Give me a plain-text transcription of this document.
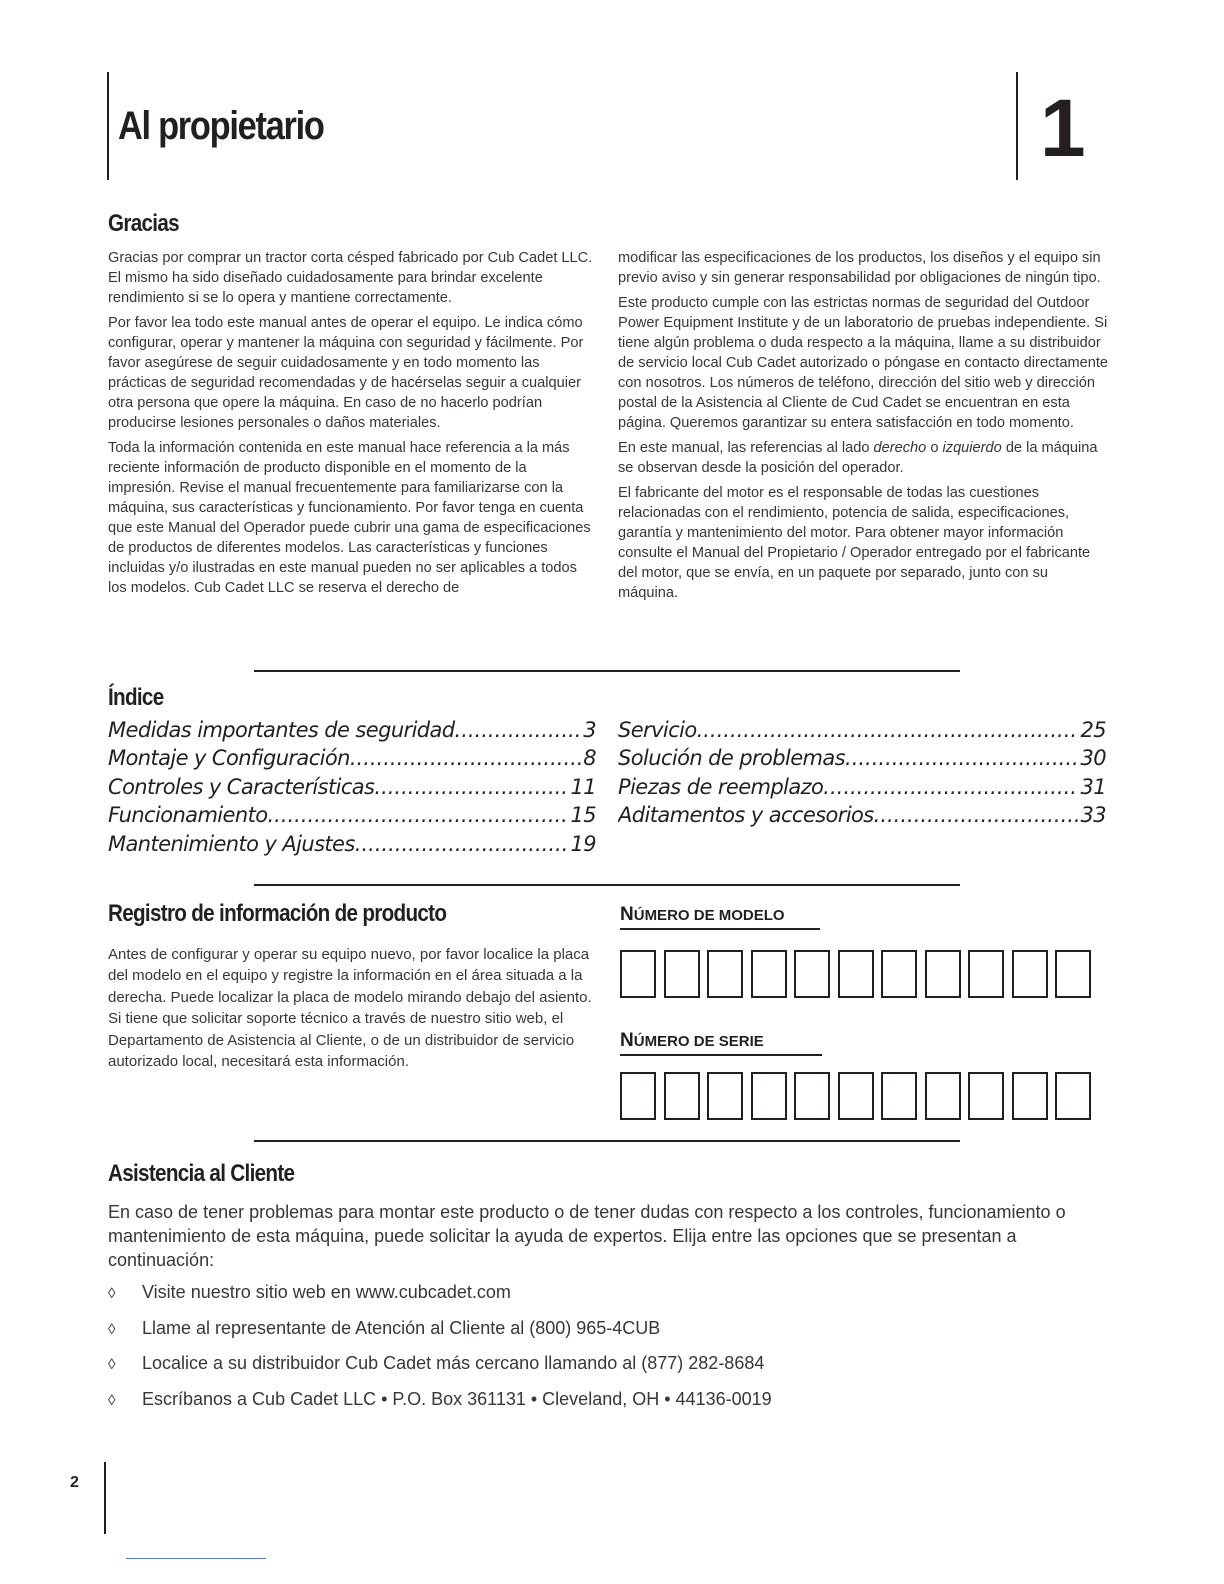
Al propietario	1
Gracias

Gracias por comprar un tractor corta césped fabricado por Cub Cadet LLC. El mismo ha sido diseñado cuidadosamente para brindar excelente rendimiento si se lo opera y mantiene correctamente.

Por favor lea todo este manual antes de operar el equipo. Le indica cómo configurar, operar y mantener la máquina con seguridad y fácilmente. Por favor asegúrese de seguir cuidadosamente y en todo momento las prácticas de seguridad recomendadas y de hacérselas seguir a cualquier otra persona que opere la máquina. En caso de no hacerlo podrían producirse lesiones personales o daños materiales.

Toda la información contenida en este manual hace referencia a la más reciente información de producto disponible en el momento de la impresión. Revise el manual frecuentemente para familiarizarse con la máquina, sus características y funcionamiento. Por favor tenga en cuenta que este Manual del Operador puede cubrir una gama de especificaciones de productos de diferentes modelos. Las características y funciones incluidas y/o ilustradas en este manual pueden no ser aplicables a todos los modelos. Cub Cadet LLC se reserva el derecho de

modificar las especificaciones de los productos, los diseños y el equipo sin previo aviso y sin generar responsabilidad por obligaciones de ningún tipo.

Este producto cumple con las estrictas normas de seguridad del Outdoor Power Equipment Institute y de un laboratorio de pruebas independiente. Si tiene algún problema o duda respecto a la máquina, llame a su distribuidor de servicio local Cub Cadet autorizado o póngase en contacto directamente con nosotros. Los números de teléfono, dirección del sitio web y dirección postal de la Asistencia al Cliente de Cud Cadet se encuentran en esta página. Queremos garantizar su entera satisfacción en todo momento.

En este manual, las referencias al lado derecho o izquierdo de la máquina se observan desde la posición del operador.

El fabricante del motor es el responsable de todas las cuestiones relacionadas con el rendimiento, potencia de salida, especificaciones, garantía y mantenimiento del motor. Para obtener mayor información consulte el Manual del Propietario / Operador entregado por el fabricante del motor, que se envía, en un paquete por separado, junto con su máquina.

Índice
Medidas importantes de seguridad .....	3
Montaje y Configuración .....	8
Controles y Características .....	11
Funcionamiento .....	15
Mantenimiento y Ajustes .....	19
Servicio .....	25
Solución de problemas .....	30
Piezas de reemplazo .....	31
Aditamentos y accesorios .....	33
Registro de información de producto
Antes de configurar y operar su equipo nuevo, por favor localice la placa del modelo en el equipo y registre la información en el área situada a la derecha. Puede localizar la placa de modelo mirando debajo del asiento. Si tiene que solicitar soporte técnico a través de nuestro sitio web, el Departamento de Asistencia al Cliente, o de un distribuidor de servicio autorizado local, necesitará esta información.
NÚMERO DE MODELO
NÚMERO DE SERIE
Asistencia al Cliente
En caso de tener problemas para montar este producto o de tener dudas con respecto a los controles, funcionamiento o mantenimiento de esta máquina, puede solicitar la ayuda de expertos. Elija entre las opciones que se presentan a continuación:
◊	Visite nuestro sitio web en www.cubcadet.com
◊	Llame al representante de Atención al Cliente al (800) 965-4CUB
◊	Localice a su distribuidor Cub Cadet más cercano llamando al (877) 282-8684
◊	Escríbanos a Cub Cadet LLC • P.O. Box 361131 • Cleveland, OH • 44136-0019
2
